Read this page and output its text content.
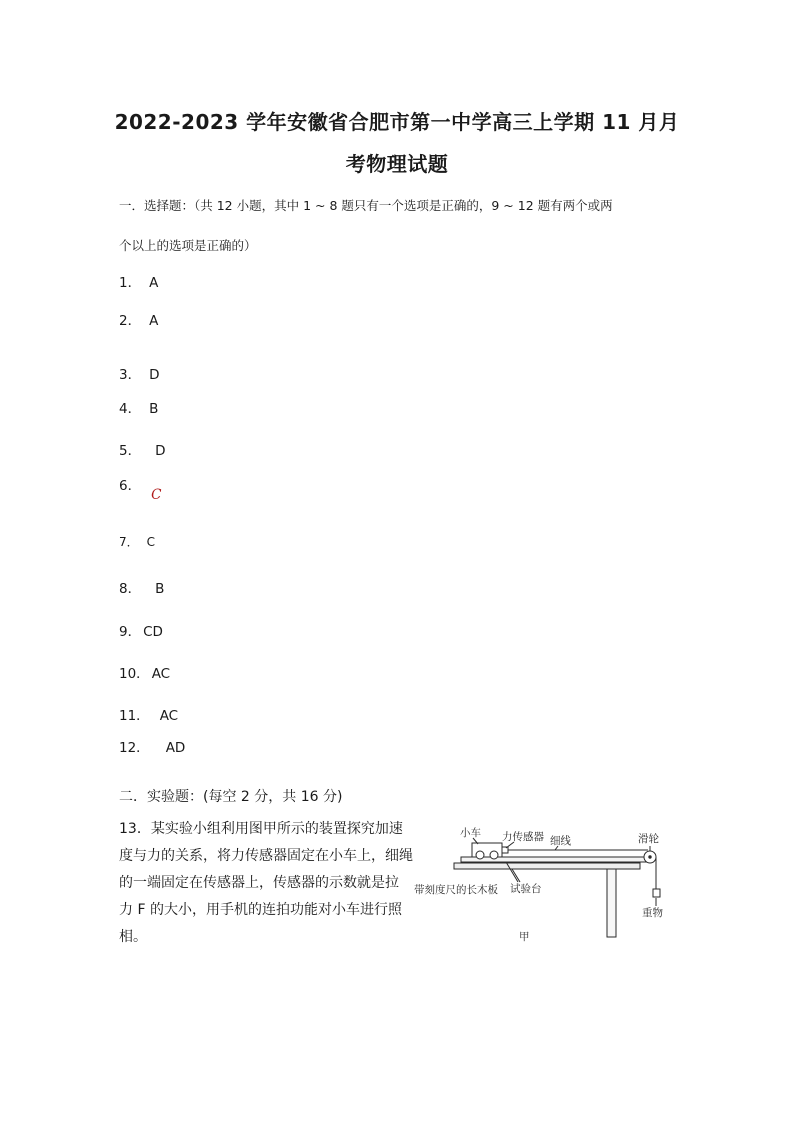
2022-2023 学年安徽省合肥市第一中学高三上学期 11 月月
考物理试题
一．选择题：（共 12 小题，其中 1 ~ 8 题只有一个选项是正确的，9 ~ 12 题有两个或两
个以上的选项是正确的）
1． A
2． A
3． D
4． B
5． D
6．C
7． C
8． B
9． CD
10． AC
11． AC
12． AD
二．实验题：(每空 2 分，共 16 分)
13．某实验小组利用图甲所示的装置探究加速
度与力的关系，将力传感器固定在小车上，细绳
的一端固定在传感器上，传感器的示数就是拉
力 F 的大小，用手机的连拍功能对小车进行照
相。
小车 力传感器 细线	滑轮
带刻度尺的长木板 试验台
重物
甲
